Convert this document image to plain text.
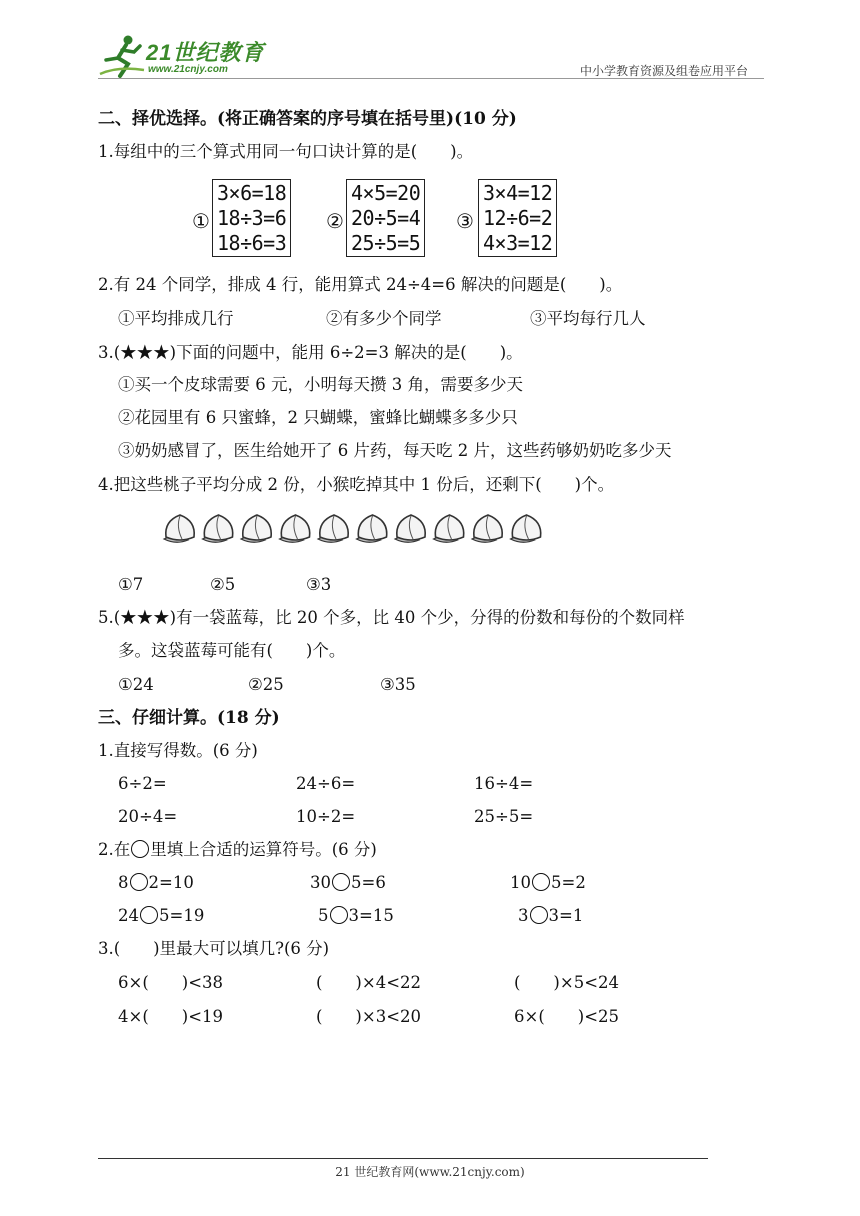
21世纪教育
www.21cnjy.com	中小学教育资源及组卷应用平台
二、择优选择。(将正确答案的序号填在括号里)(10 分)
1.每组中的三个算式用同一句口诀计算的是(　　)。
①
3×6=18
18÷3=6
18÷6=3
②
4×5=20
20÷5=4
25÷5=5
③
3×4=12
12÷6=2
4×3=12
2.有 24 个同学，排成 4 行，能用算式 24÷4=6 解决的问题是(　　)。
①平均排成几行	②有多少个同学	③平均每行几人
3.(★★★)下面的问题中，能用 6÷2=3 解决的是(　　)。
①买一个皮球需要 6 元，小明每天攒 3 角，需要多少天
②花园里有 6 只蜜蜂，2 只蝴蝶，蜜蜂比蝴蝶多多少只
③奶奶感冒了，医生给她开了 6 片药，每天吃 2 片，这些药够奶奶吃多少天
4.把这些桃子平均分成 2 份，小猴吃掉其中 1 份后，还剩下(　　)个。
①7	②5	③3
5.(★★★)有一袋蓝莓，比 20 个多，比 40 个少，分得的份数和每份的个数同样
多。这袋蓝莓可能有(　　)个。
①24	②25	③35
三、仔细计算。(18 分)
1.直接写得数。(6 分)
6÷2=	24÷6=	16÷4=
20÷4=	10÷2=	25÷5=
2.在 里填上合适的运算符号。(6 分)
8 2=10	30 5=6	10 5=2
24 5=19	5 3=15	3 3=1
3.(　　)里最大可以填几?(6 分)
6×(　　)<38	(　　)×4<22	(　　)×5<24
4×(　　)<19	(　　)×3<20	6×(　　)<25
21 世纪教育网(www.21cnjy.com)
